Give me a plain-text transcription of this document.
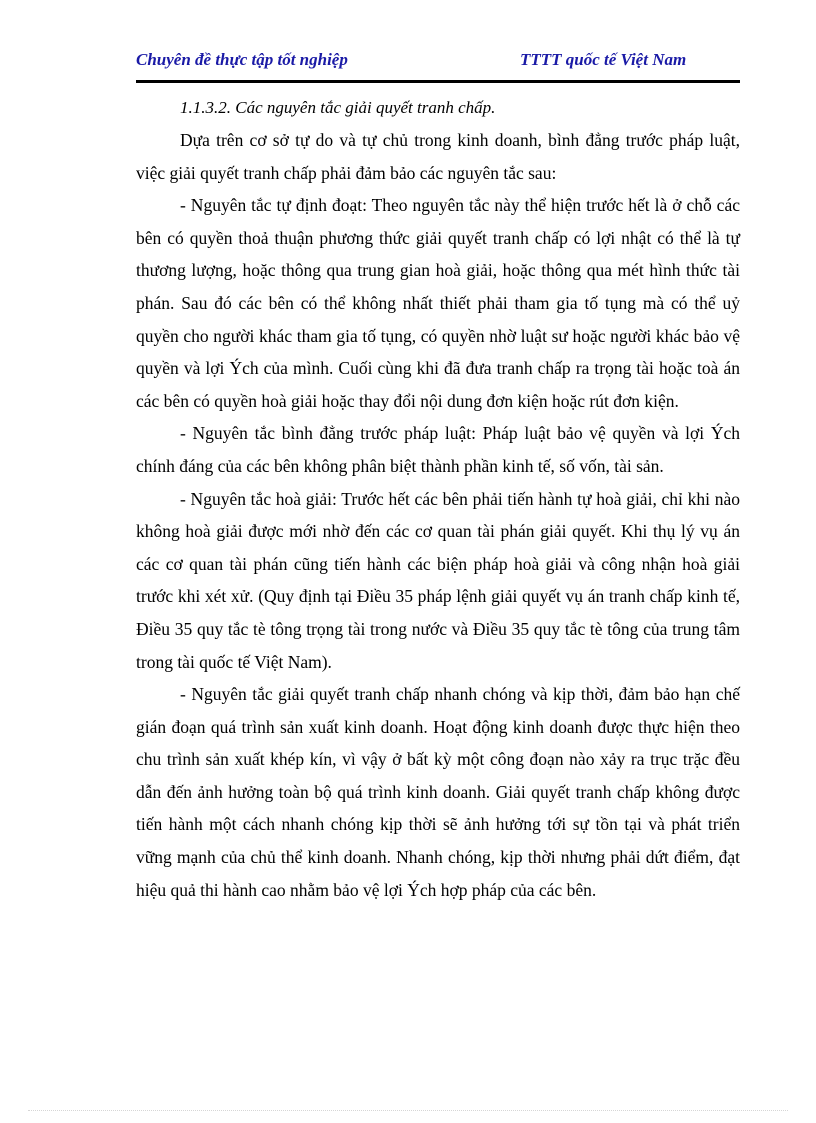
Chuyên đề thực tập tốt nghiệp	TTTT quốc tế Việt Nam

1.1.3.2. Các nguyên tắc giải quyết tranh chấp.

Dựa trên cơ sở tự do và tự chủ trong kinh doanh, bình đẳng trước pháp luật, việc giải quyết tranh chấp phải đảm bảo các nguyên tắc sau:

- Nguyên tắc tự định đoạt: Theo nguyên tắc này thể hiện trước hết là ở chỗ các bên có quyền thoả thuận phương thức giải quyết tranh chấp có lợi nhật có thể là tự thương lượng, hoặc thông qua trung gian hoà giải, hoặc thông qua mét hình thức tài phán. Sau đó các bên có thể không nhất thiết phải tham gia tố tụng mà có thể uỷ quyền cho người khác tham gia tố tụng, có quyền nhờ luật sư hoặc người khác bảo vệ quyền và lợi Ých của mình. Cuối cùng khi đã đưa tranh chấp ra trọng tài hoặc toà án các bên có quyền hoà giải hoặc thay đổi nội dung đơn kiện hoặc rút đơn kiện.

- Nguyên tắc bình đẳng trước pháp luật: Pháp luật bảo vệ quyền và lợi Ých chính đáng của các bên không phân biệt thành phần kinh tế, số vốn, tài sản.

- Nguyên tắc hoà giải: Trước hết các bên phải tiến hành tự hoà giải, chỉ khi nào không hoà giải được mới nhờ đến các cơ quan tài phán giải quyết. Khi thụ lý vụ án các cơ quan tài phán cũng tiến hành các biện pháp hoà giải và công nhận hoà giải trước khi xét xử. (Quy định tại Điều 35 pháp lệnh giải quyết vụ án tranh chấp kinh tế, Điều 35 quy tắc tè tông trọng tài trong nước và Điều 35 quy tắc tè tông của trung tâm trong tài quốc tế Việt Nam).

- Nguyên tắc giải quyết tranh chấp nhanh chóng và kịp thời, đảm bảo hạn chế gián đoạn quá trình sản xuất kinh doanh. Hoạt động kinh doanh được thực hiện theo chu trình sản xuất khép kín, vì vậy ở bất kỳ một công đoạn nào xảy ra trục trặc đều dẫn đến ảnh hưởng toàn bộ quá trình kinh doanh. Giải quyết tranh chấp không được tiến hành một cách nhanh chóng kịp thời sẽ ảnh hưởng tới sự tồn tại và phát triển vững mạnh của chủ thể kinh doanh. Nhanh chóng, kịp thời nhưng phải dứt điểm, đạt hiệu quả thi hành cao nhằm bảo vệ lợi Ých hợp pháp của các bên.
